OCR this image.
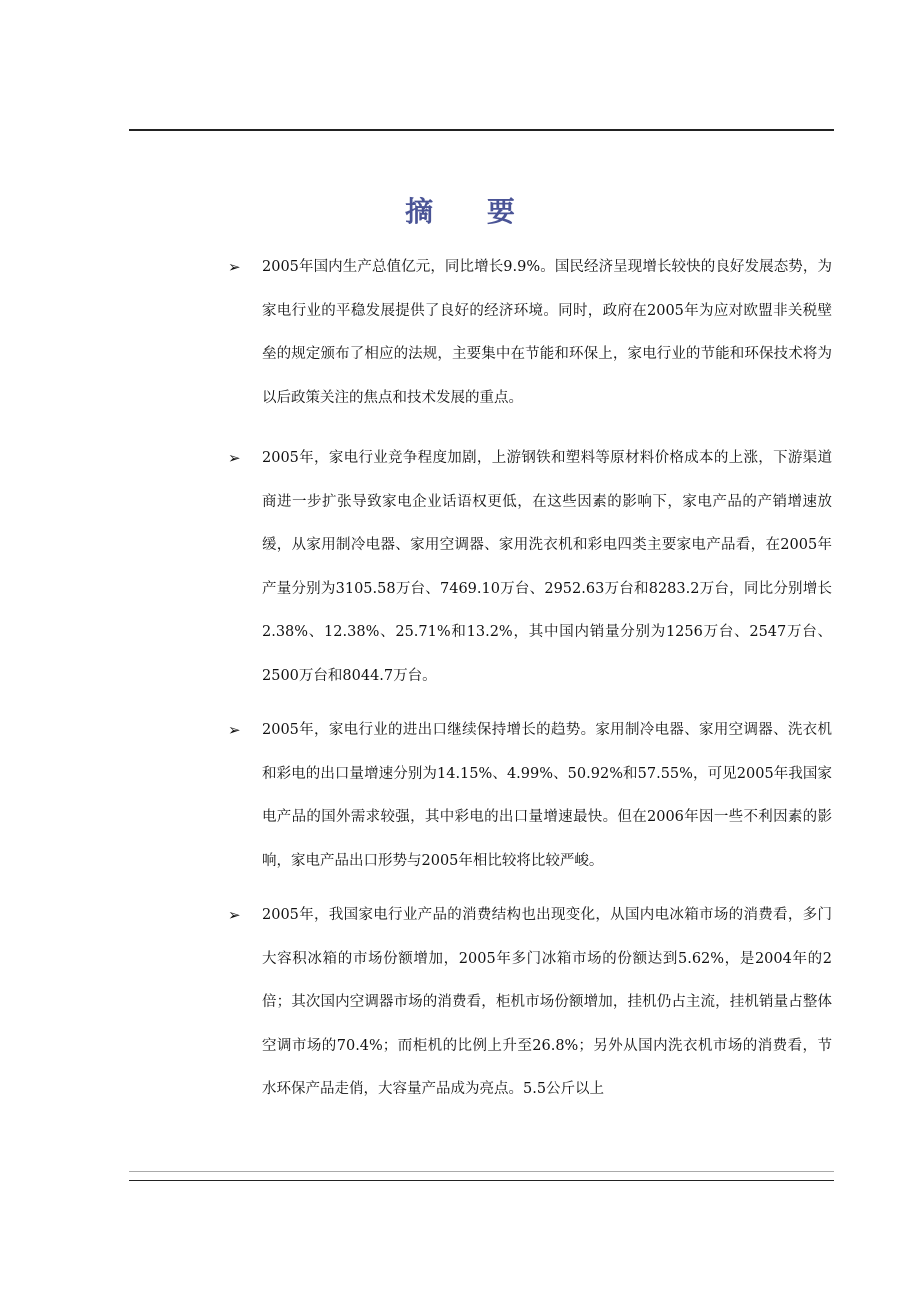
摘 要
➢ 2005年国内生产总值亿元，同比增长9.9%。国民经济呈现增长较快的良好发展态势，为家电行业的平稳发展提供了良好的经济环境。同时，政府在2005年为应对欧盟非关税壁垒的规定颁布了相应的法规，主要集中在节能和环保上，家电行业的节能和环保技术将为以后政策关注的焦点和技术发展的重点。
➢ 2005年，家电行业竞争程度加剧，上游钢铁和塑料等原材料价格成本的上涨，下游渠道商进一步扩张导致家电企业话语权更低，在这些因素的影响下，家电产品的产销增速放缓，从家用制冷电器、家用空调器、家用洗衣机和彩电四类主要家电产品看，在2005年产量分别为3105.58万台、7469.10万台、2952.63万台和8283.2万台，同比分别增长2.38%、12.38%、25.71%和13.2%，其中国内销量分别为1256万台、2547万台、2500万台和8044.7万台。
➢ 2005年，家电行业的进出口继续保持增长的趋势。家用制冷电器、家用空调器、洗衣机和彩电的出口量增速分别为14.15%、4.99%、50.92%和57.55%，可见2005年我国家电产品的国外需求较强，其中彩电的出口量增速最快。但在2006年因一些不利因素的影响，家电产品出口形势与2005年相比较将比较严峻。
➢ 2005年，我国家电行业产品的消费结构也出现变化，从国内电冰箱市场的消费看，多门大容积冰箱的市场份额增加，2005年多门冰箱市场的份额达到5.62%，是2004年的2倍；其次国内空调器市场的消费看，柜机市场份额增加，挂机仍占主流，挂机销量占整体空调市场的70.4%；而柜机的比例上升至26.8%；另外从国内洗衣机市场的消费看，节水环保产品走俏，大容量产品成为亮点。5.5公斤以上
